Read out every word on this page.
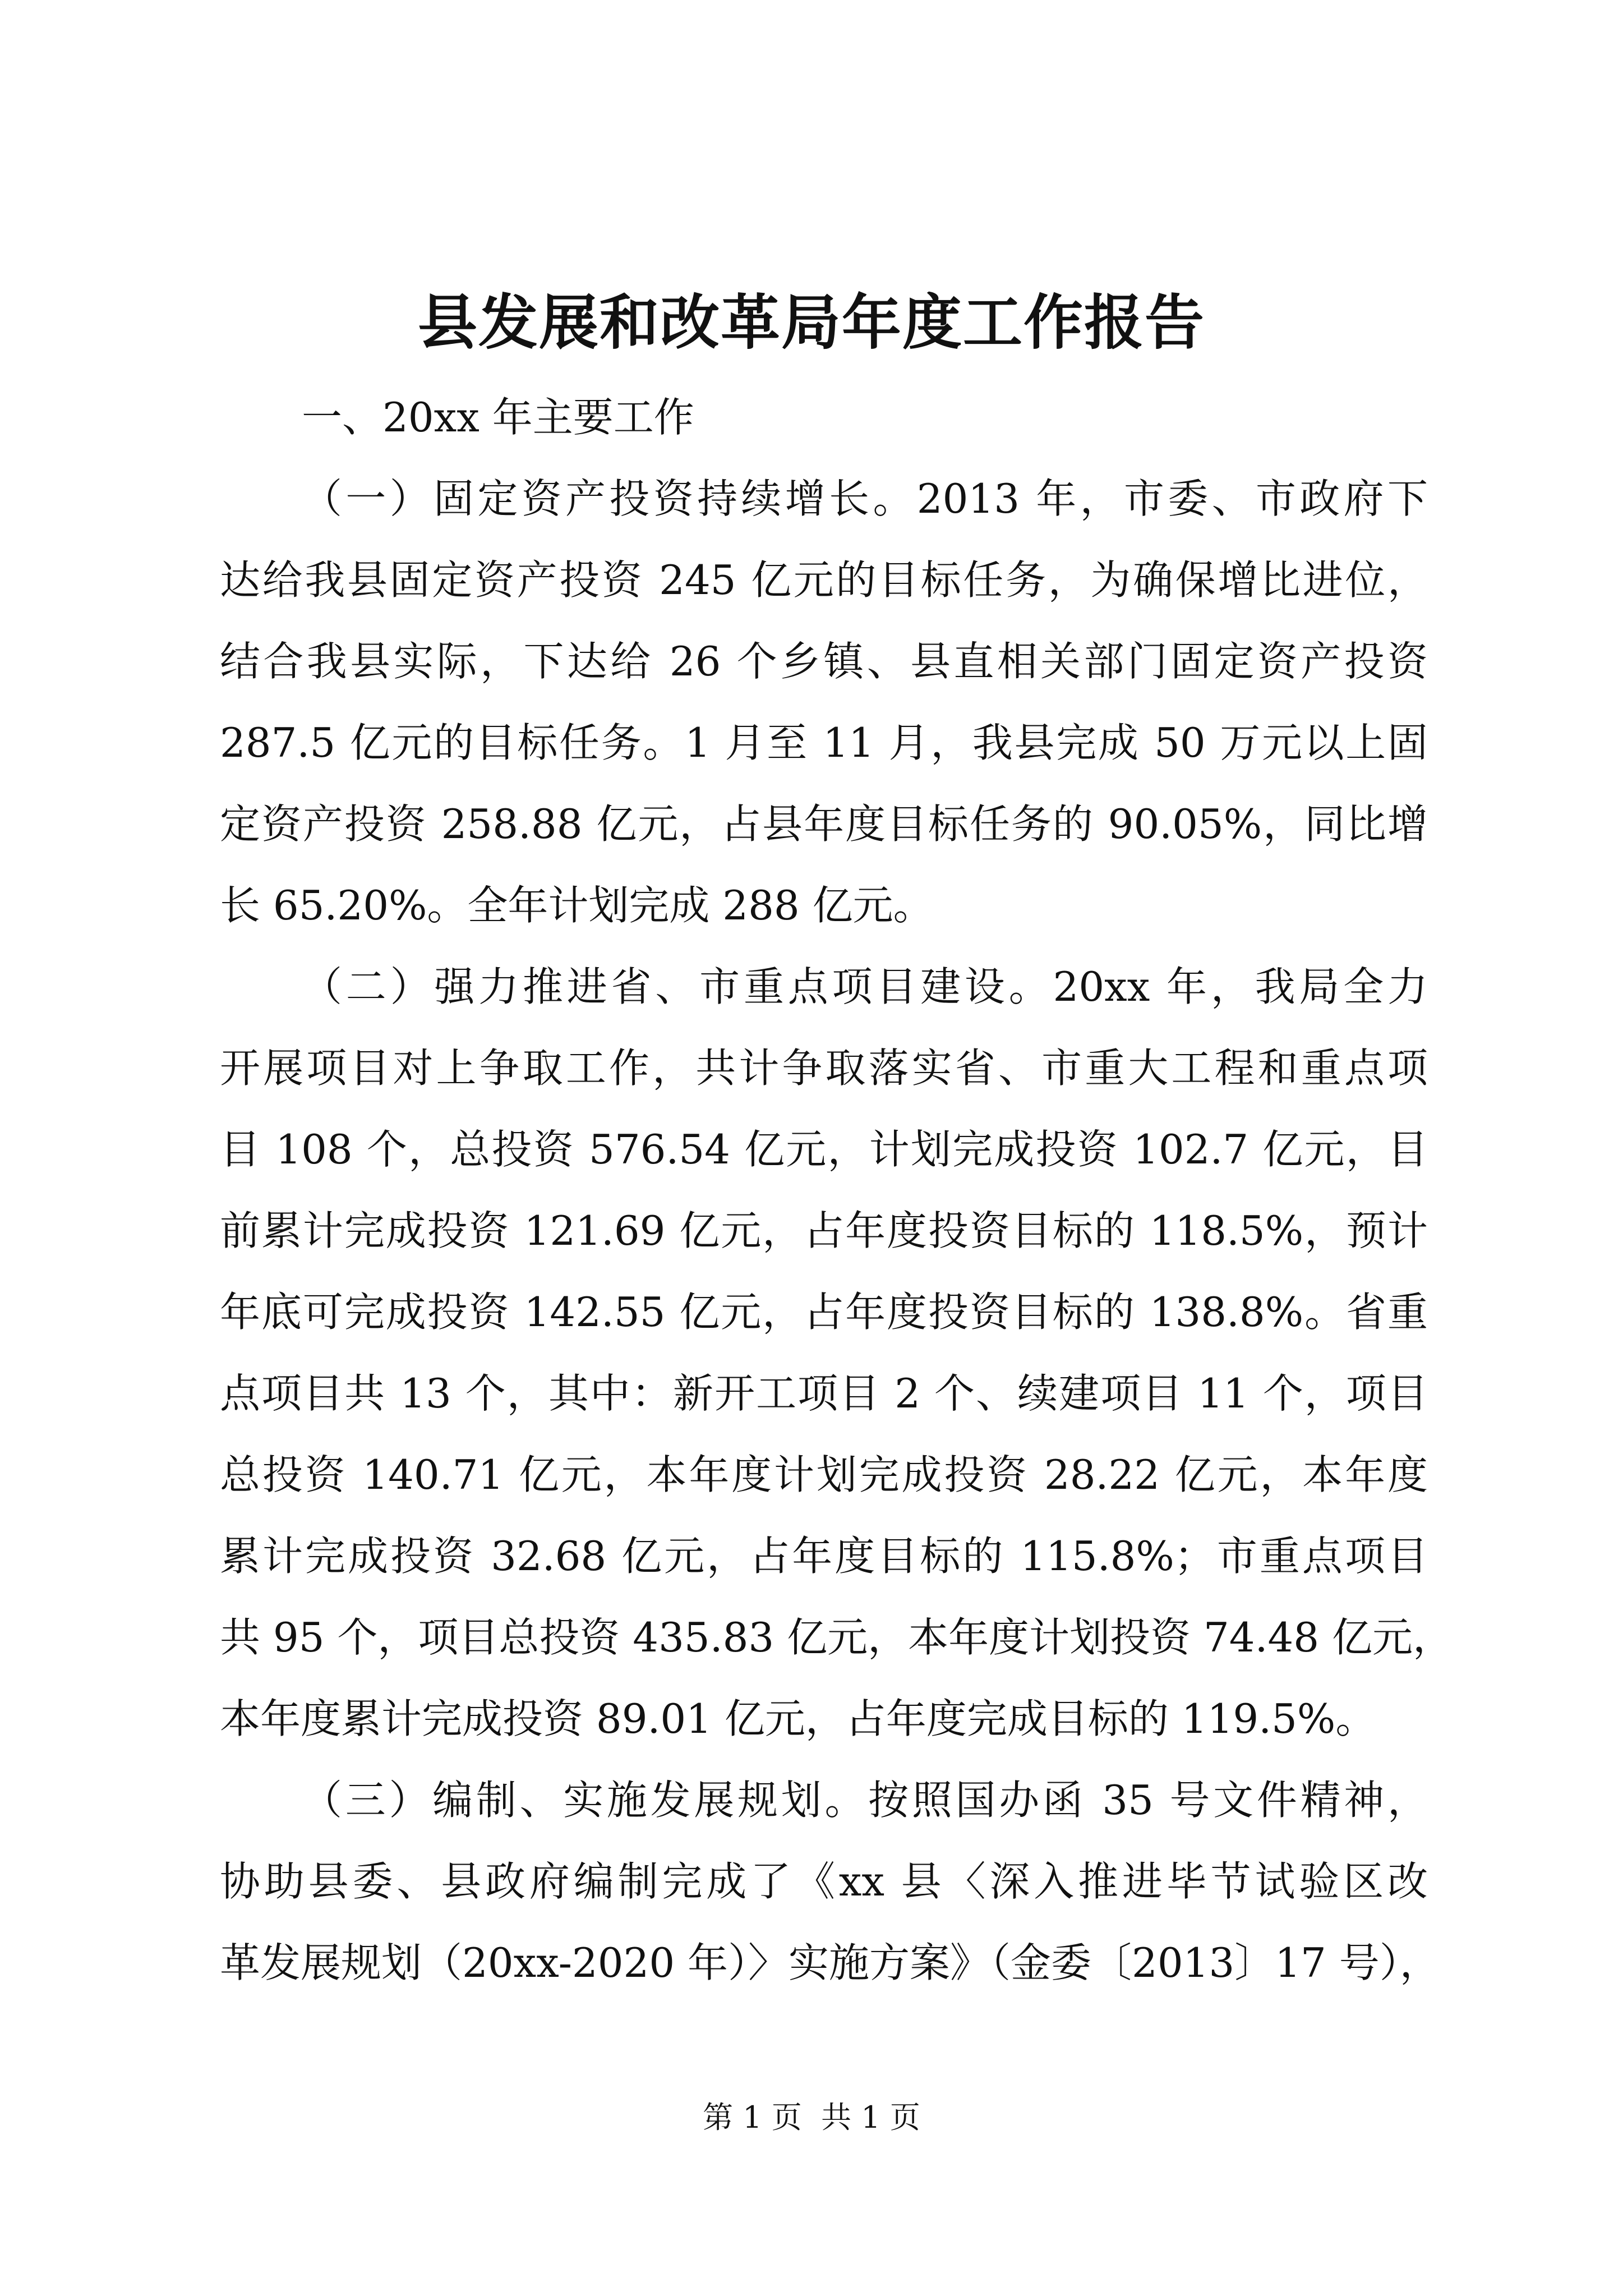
县发展和改革局年度工作报告
一、20xx 年主要工作
（一）固定资产投资持续增长。2013 年，市委、市政府下
达给我县固定资产投资 245 亿元的目标任务，为确保增比进位，
结合我县实际，下达给 26 个乡镇、县直相关部门固定资产投资
287.5 亿元的目标任务。1 月至 11 月，我县完成 50 万元以上固
定资产投资 258.88 亿元，占县年度目标任务的 90.05%，同比增
长 65.20%。全年计划完成 288 亿元。
（二）强力推进省、市重点项目建设。20xx 年，我局全力
开展项目对上争取工作，共计争取落实省、市重大工程和重点项
目 108 个，总投资 576.54 亿元，计划完成投资 102.7 亿元，目
前累计完成投资 121.69 亿元，占年度投资目标的 118.5%，预计
年底可完成投资 142.55 亿元，占年度投资目标的 138.8%。省重
点项目共 13 个，其中：新开工项目 2 个、续建项目 11 个，项目
总投资 140.71 亿元，本年度计划完成投资 28.22 亿元，本年度
累计完成投资 32.68 亿元，占年度目标的 115.8%；市重点项目
共 95 个，项目总投资 435.83 亿元，本年度计划投资 74.48 亿元，
本年度累计完成投资 89.01 亿元，占年度完成目标的 119.5%。
（三）编制、实施发展规划。按照国办函 35 号文件精神，
协助县委、县政府编制完成了《xx 县〈深入推进毕节试验区改
革发展规划（20xx-2020 年）〉实施方案》（金委〔2013〕17 号），
第 1 页  共 1 页
